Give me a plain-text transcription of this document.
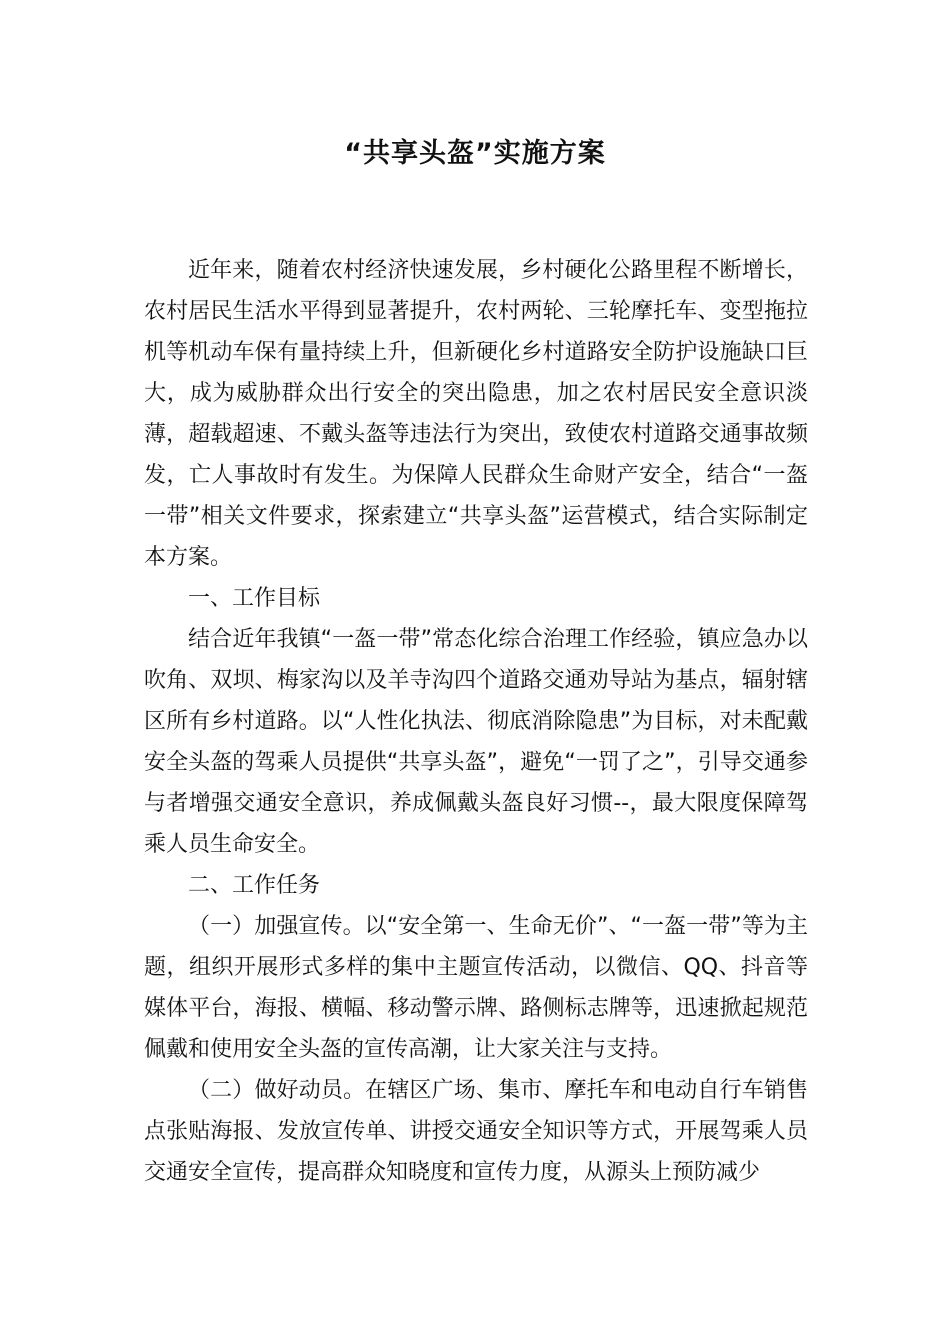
“共享头盔”实施方案

近年来，随着农村经济快速发展，乡村硬化公路里程不断增长，农村居民生活水平得到显著提升，农村两轮、三轮摩托车、变型拖拉机等机动车保有量持续上升，但新硬化乡村道路安全防护设施缺口巨大，成为威胁群众出行安全的突出隐患，加之农村居民安全意识淡薄，超载超速、不戴头盔等违法行为突出，致使农村道路交通事故频发，亡人事故时有发生。为保障人民群众生命财产安全，结合“一盔一带”相关文件要求，探索建立“共享头盔”运营模式，结合实际制定本方案。

一、工作目标

结合近年我镇“一盔一带”常态化综合治理工作经验，镇应急办以吹角、双坝、梅家沟以及羊寺沟四个道路交通劝导站为基点，辐射辖区所有乡村道路。以“人性化执法、彻底消除隐患”为目标，对未配戴安全头盔的驾乘人员提供“共享头盔”，避免“一罚了之”，引导交通参与者增强交通安全意识，养成佩戴头盔良好习惯--，最大限度保障驾乘人员生命安全。

二、工作任务

（一）加强宣传。以“安全第一、生命无价”、“一盔一带”等为主题，组织开展形式多样的集中主题宣传活动，以微信、QQ、抖音等媒体平台，海报、横幅、移动警示牌、路侧标志牌等，迅速掀起规范佩戴和使用安全头盔的宣传高潮，让大家关注与支持。

（二）做好动员。在辖区广场、集市、摩托车和电动自行车销售点张贴海报、发放宣传单、讲授交通安全知识等方式，开展驾乘人员交通安全宣传，提高群众知晓度和宣传力度，从源头上预防减少
